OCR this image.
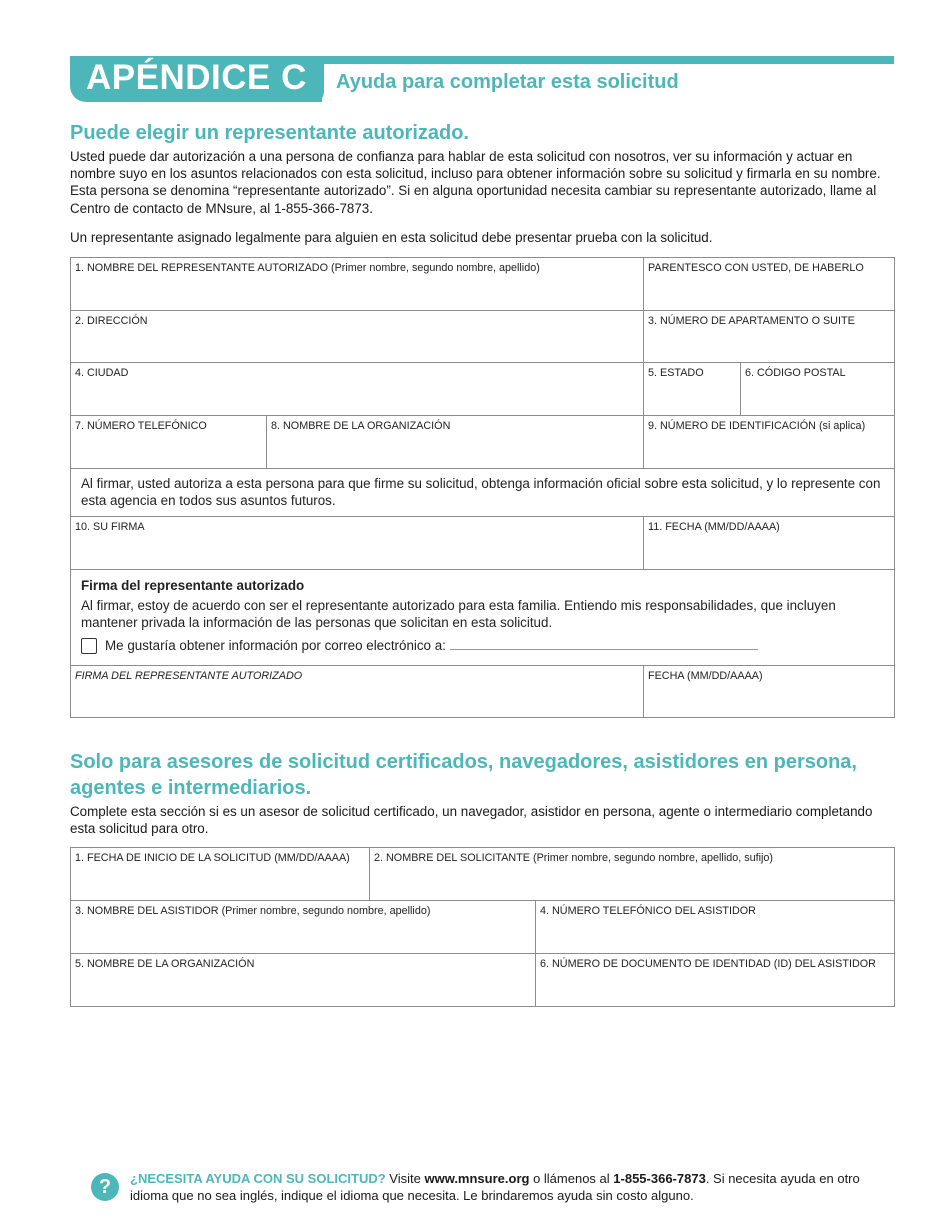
APÉNDICE C Ayuda para completar esta solicitud
Puede elegir un representante autorizado.
Usted puede dar autorización a una persona de confianza para hablar de esta solicitud con nosotros, ver su información y actuar en nombre suyo en los asuntos relacionados con esta solicitud, incluso para obtener información sobre su solicitud y firmarla en su nombre. Esta persona se denomina “representante autorizado”. Si en alguna oportunidad necesita cambiar su representante autorizado, llame al Centro de contacto de MNsure, al 1-855-366-7873.
Un representante asignado legalmente para alguien en esta solicitud debe presentar prueba con la solicitud.
1. NOMBRE DEL REPRESENTANTE AUTORIZADO (Primer nombre, segundo nombre, apellido)	PARENTESCO CON USTED, DE HABERLO
2. DIRECCIÓN	3. NÚMERO DE APARTAMENTO O SUITE
4. CIUDAD	5. ESTADO	6. CÓDIGO POSTAL
7. NÚMERO TELEFÓNICO	8. NOMBRE DE LA ORGANIZACIÓN	9. NÚMERO DE IDENTIFICACIÓN (si aplica)
Al firmar, usted autoriza a esta persona para que firme su solicitud, obtenga información oficial sobre esta solicitud, y lo represente con esta agencia en todos sus asuntos futuros.
10. SU FIRMA	11. FECHA (MM/DD/AAAA)
Firma del representante autorizado
Al firmar, estoy de acuerdo con ser el representante autorizado para esta familia. Entiendo mis responsabilidades, que incluyen mantener privada la información de las personas que solicitan en esta solicitud.
Me gustaría obtener información por correo electrónico a:
FIRMA DEL REPRESENTANTE AUTORIZADO	FECHA (MM/DD/AAAA)
Solo para asesores de solicitud certificados, navegadores, asistidores en persona, agentes e intermediarios.
Complete esta sección si es un asesor de solicitud certificado, un navegador, asistidor en persona, agente o intermediario completando esta solicitud para otro.
1. FECHA DE INICIO DE LA SOLICITUD (MM/DD/AAAA)	2. NOMBRE DEL SOLICITANTE (Primer nombre, segundo nombre, apellido, sufijo)
3. NOMBRE DEL ASISTIDOR (Primer nombre, segundo nombre, apellido)	4. NÚMERO TELEFÓNICO DEL ASISTIDOR
5. NOMBRE DE LA ORGANIZACIÓN	6. NÚMERO DE DOCUMENTO DE IDENTIDAD (ID) DEL ASISTIDOR
?	¿NECESITA AYUDA CON SU SOLICITUD? Visite www.mnsure.org o llámenos al 1-855-366-7873. Si necesita ayuda en otro idioma que no sea inglés, indique el idioma que necesita. Le brindaremos ayuda sin costo alguno.
